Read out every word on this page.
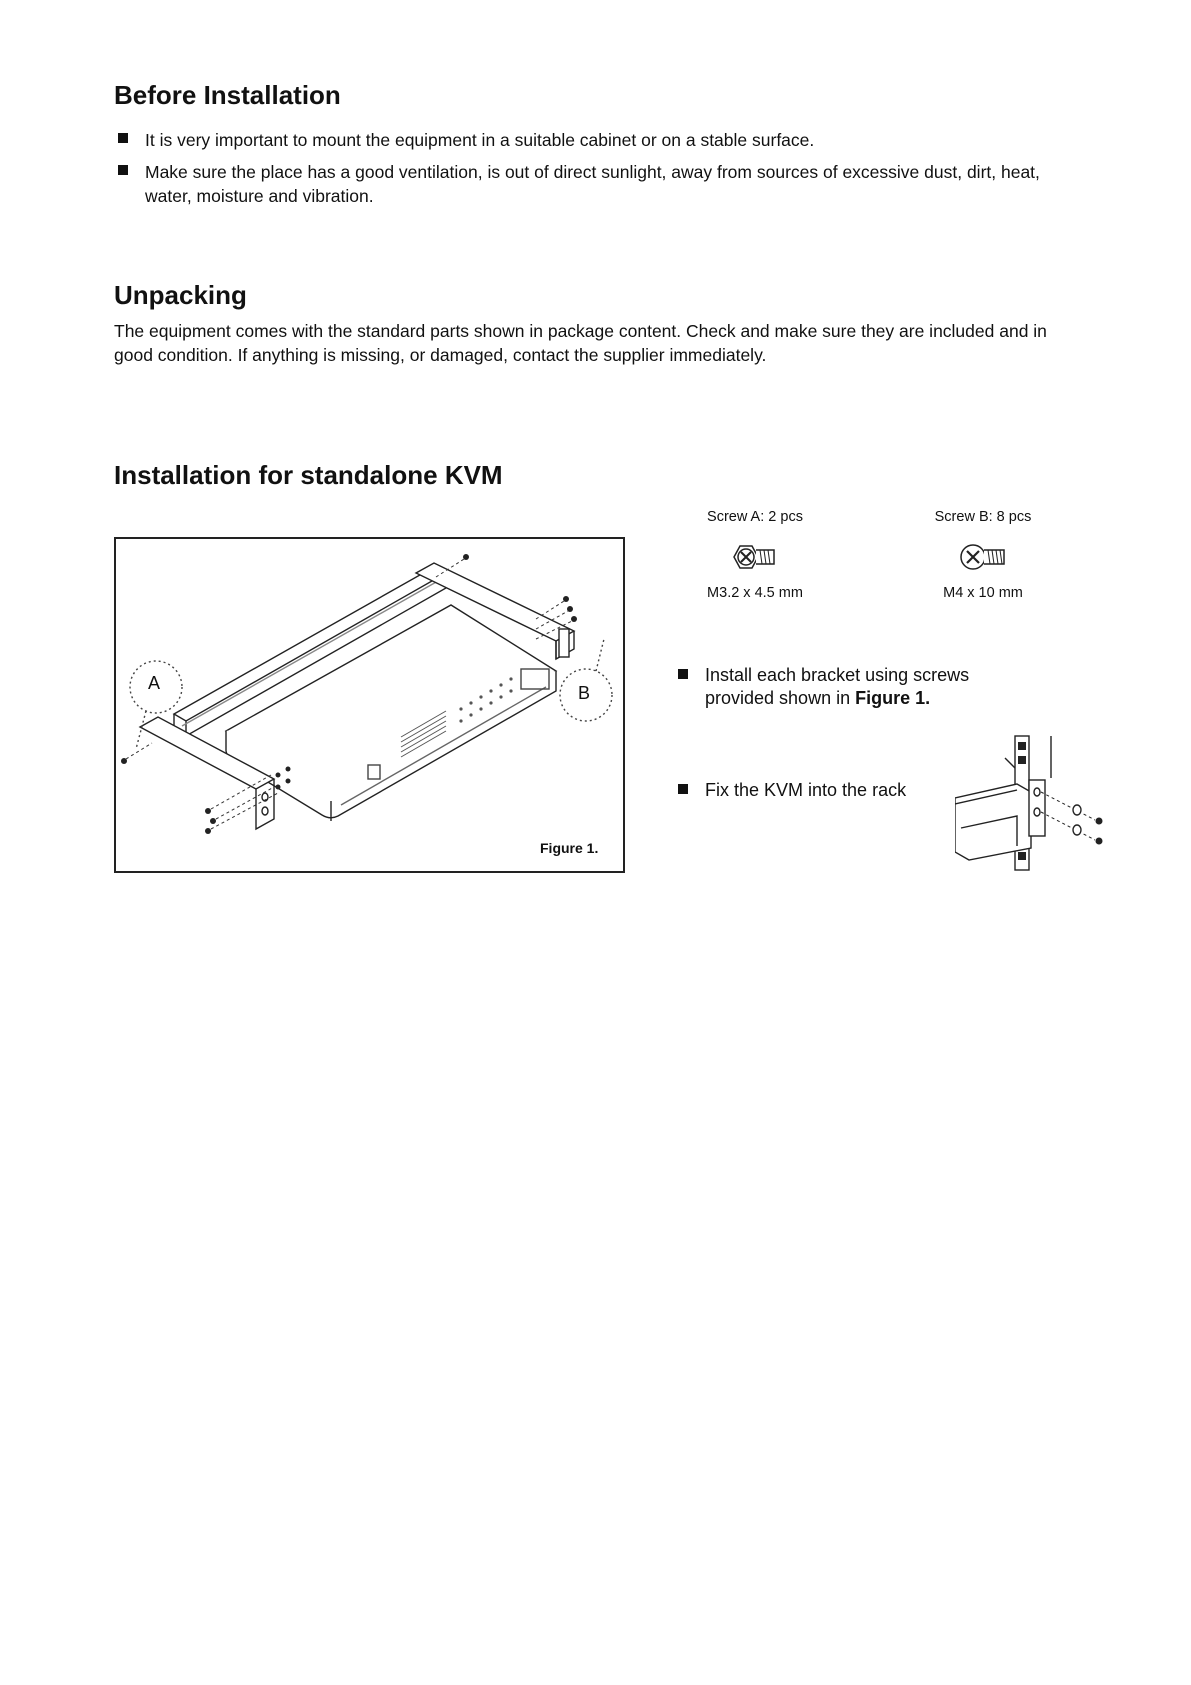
Before Installation
It is very important to mount the equipment in a suitable cabinet or on a stable surface.
Make sure the place has a good ventilation, is out of direct sunlight, away from sources of excessive dust, dirt, heat, water, moisture and vibration.
Unpacking
The equipment comes with the standard parts shown in package content. Check and make sure they are included and in good condition. If anything is missing, or damaged, contact the supplier immediately.
Installation for standalone KVM
A	B
Figure 1.
Screw A: 2 pcs
M3.2 x 4.5 mm
Screw B: 8 pcs
M4 x 10 mm
Install each bracket using screws provided shown in Figure 1.
Fix the KVM into the rack
